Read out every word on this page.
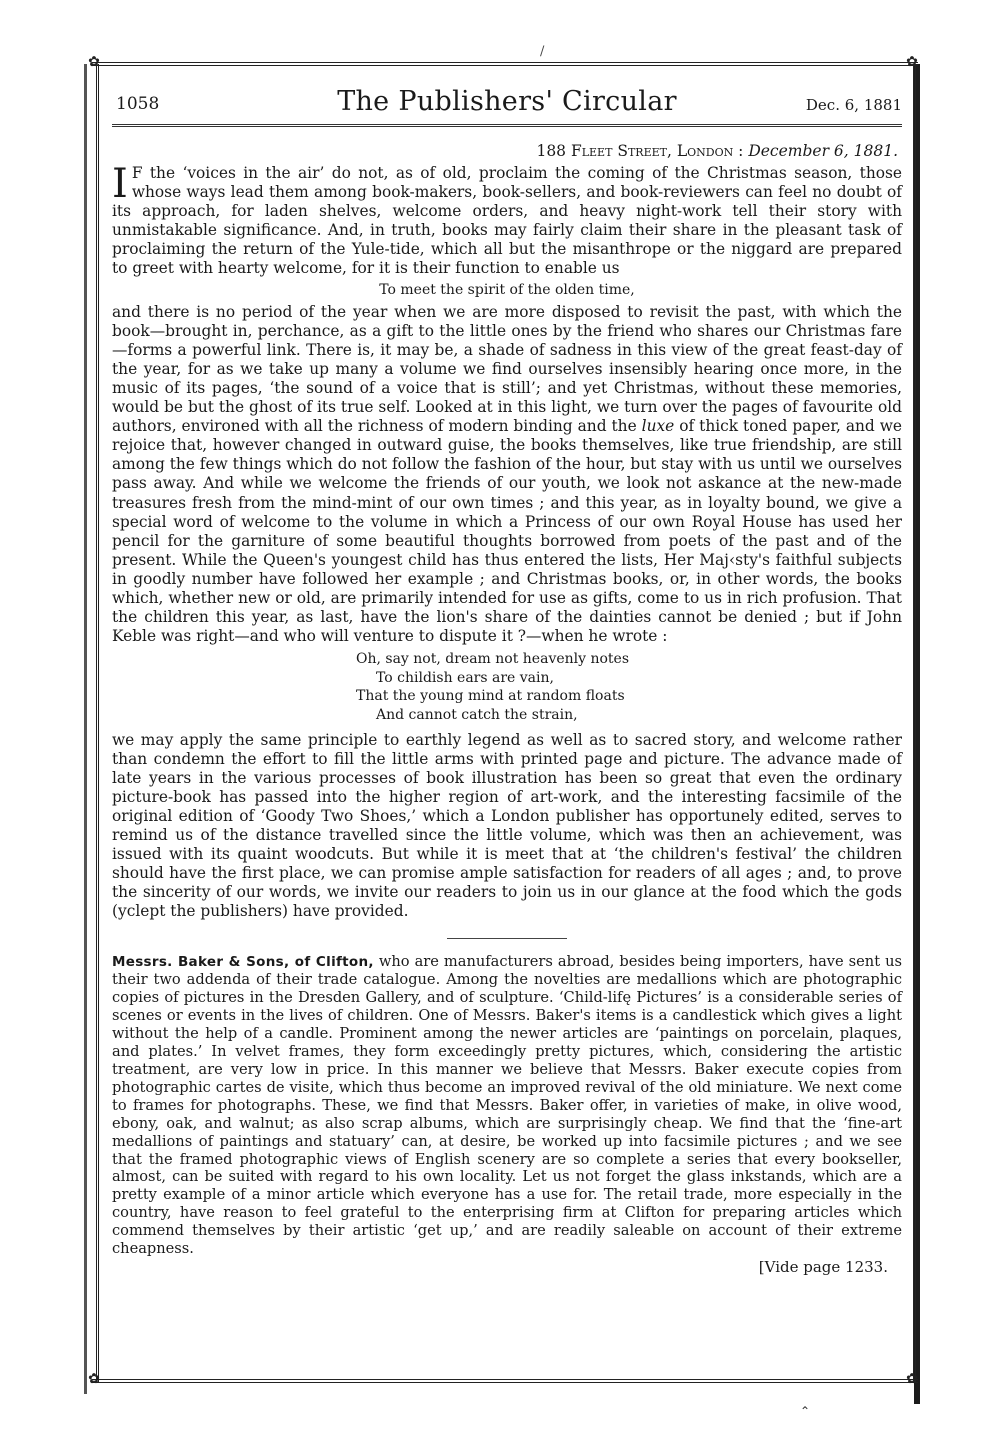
/
✿	✿
✿	✿
1058	The Publishers' Circular	Dec. 6, 1881
188 Fleet Street, London : December 6, 1881.

I F the ‘voices in the air’ do not, as of old, proclaim the coming of the Christmas season, those whose ways lead them among book-makers, book-sellers, and book-reviewers can feel no doubt of its approach, for laden shelves, welcome orders, and heavy night-work tell their story with unmistakable significance. And, in truth, books may fairly claim their share in the pleasant task of proclaiming the return of the Yule-tide, which all but the misanthrope or the niggard are prepared to greet with hearty welcome, for it is their function to enable us

To meet the spirit of the olden time,

and there is no period of the year when we are more disposed to revisit the past, with which the book—brought in, perchance, as a gift to the little ones by the friend who shares our Christmas fare—forms a powerful link. There is, it may be, a shade of sadness in this view of the great feast-day of the year, for as we take up many a volume we find ourselves insensibly hearing once more, in the music of its pages, ‘the sound of a voice that is still’; and yet Christmas, without these memories, would be but the ghost of its true self. Looked at in this light, we turn over the pages of favourite old authors, environed with all the richness of modern binding and the luxe of thick toned paper, and we rejoice that, however changed in outward guise, the books themselves, like true friendship, are still among the few things which do not follow the fashion of the hour, but stay with us until we ourselves pass away. And while we welcome the friends of our youth, we look not askance at the new-made treasures fresh from the mind-mint of our own times ; and this year, as in loyalty bound, we give a special word of welcome to the volume in which a Princess of our own Royal House has used her pencil for the garniture of some beautiful thoughts borrowed from poets of the past and of the present. While the Queen's youngest child has thus entered the lists, Her Maj‹sty's faithful subjects in goodly number have followed her example ; and Christmas books, or, in other words, the books which, whether new or old, are primarily intended for use as gifts, come to us in rich profusion. That the children this year, as last, have the lion's share of the dainties cannot be denied ; but if John Keble was right—and who will venture to dispute it ?—when he wrote :

Oh, say not, dream not heavenly notes
To childish ears are vain,
That the young mind at random floats
And cannot catch the strain,

we may apply the same principle to earthly legend as well as to sacred story, and welcome rather than condemn the effort to fill the little arms with printed page and picture. The advance made of late years in the various processes of book illustration has been so great that even the ordinary picture-book has passed into the higher region of art-work, and the interesting facsimile of the original edition of ‘Goody Two Shoes,’ which a London publisher has opportunely edited, serves to remind us of the distance travelled since the little volume, which was then an achievement, was issued with its quaint woodcuts. But while it is meet that at ‘the children's festival’ the children should have the first place, we can promise ample satisfaction for readers of all ages ; and, to prove the sincerity of our words, we invite our readers to join us in our glance at the food which the gods (yclept the publishers) have provided.

Messrs. Baker & Sons, of Clifton, who are manufacturers abroad, besides being importers, have sent us their two addenda of their trade catalogue. Among the novelties are medallions which are photographic copies of pictures in the Dresden Gallery, and of sculpture. ‘Child-lifę Pictures’ is a considerable series of scenes or events in the lives of children. One of Messrs. Baker's items is a candlestick which gives a light without the help of a candle. Prominent among the newer articles are ‘paintings on porcelain, plaques, and plates.’ In velvet frames, they form exceedingly pretty pictures, which, considering the artistic treatment, are very low in price. In this manner we believe that Messrs. Baker execute copies from photographic cartes de visite, which thus become an improved revival of the old miniature. We next come to frames for photographs. These, we find that Messrs. Baker offer, in varieties of make, in olive wood, ebony, oak, and walnut; as also scrap albums, which are surprisingly cheap. We find that the ‘fine-art medallions of paintings and statuary’ can, at desire, be worked up into facsimile pictures ; and we see that the framed photographic views of English scenery are so complete a series that every bookseller, almost, can be suited with regard to his own locality. Let us not forget the glass inkstands, which are a pretty example of a minor article which everyone has a use for. The retail trade, more especially in the country, have reason to feel grateful to the enterprising firm at Clifton for preparing articles which commend themselves by their artistic ‘get up,’ and are readily saleable on account of their extreme cheapness.

[Vide page 1233.
⌃
